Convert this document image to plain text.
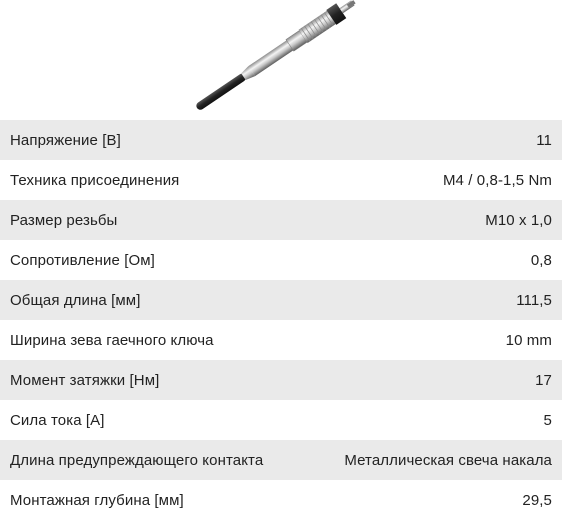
Напряжение [В]	11
Техника присоединения	M4 / 0,8-1,5 Nm
Размер резьбы	M10 x 1,0
Сопротивление [Ом]	0,8
Общая длина [мм]	111,5
Ширина зева гаечного ключа	10 mm
Момент затяжки [Нм]	17
Сила тока [А]	5
Длина предупреждающего контакта	Металлическая свеча накала
Монтажная глубина [мм]	29,5
